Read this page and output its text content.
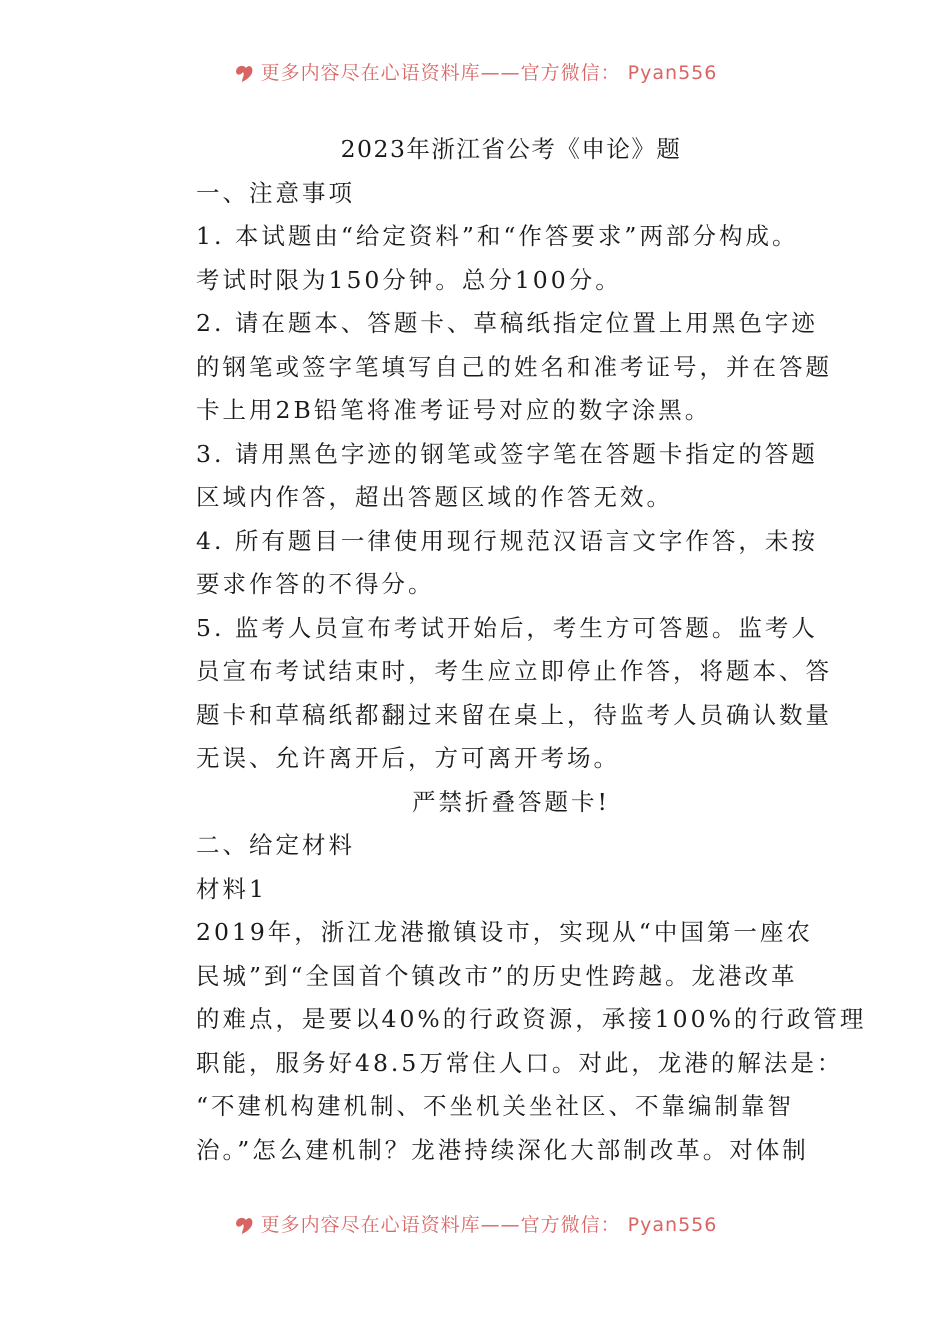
更多内容尽在心语资料库——官方微信： Pyan556
2023年浙江省公考《申论》题
一、注意事项
1. 本试题由“给定资料”和“作答要求”两部分构成。
考试时限为150分钟。总分100分。
2. 请在题本、答题卡、草稿纸指定位置上用黑色字迹
的钢笔或签字笔填写自己的姓名和准考证号，并在答题
卡上用2B铅笔将准考证号对应的数字涂黑。
3. 请用黑色字迹的钢笔或签字笔在答题卡指定的答题
区域内作答，超出答题区域的作答无效。
4. 所有题目一律使用现行规范汉语言文字作答，未按
要求作答的不得分。
5. 监考人员宣布考试开始后，考生方可答题。监考人
员宣布考试结束时，考生应立即停止作答，将题本、答
题卡和草稿纸都翻过来留在桌上，待监考人员确认数量
无误、允许离开后，方可离开考场。
严禁折叠答题卡!
二、给定材料
材料1
2019年，浙江龙港撤镇设市，实现从“中国第一座农
民城”到“全国首个镇改市”的历史性跨越。龙港改革
的难点，是要以40%的行政资源，承接100%的行政管理
职能，服务好48.5万常住人口。对此，龙港的解法是：
“不建机构建机制、不坐机关坐社区、不靠编制靠智
治。”怎么建机制？龙港持续深化大部制改革。对体制
更多内容尽在心语资料库——官方微信： Pyan556
